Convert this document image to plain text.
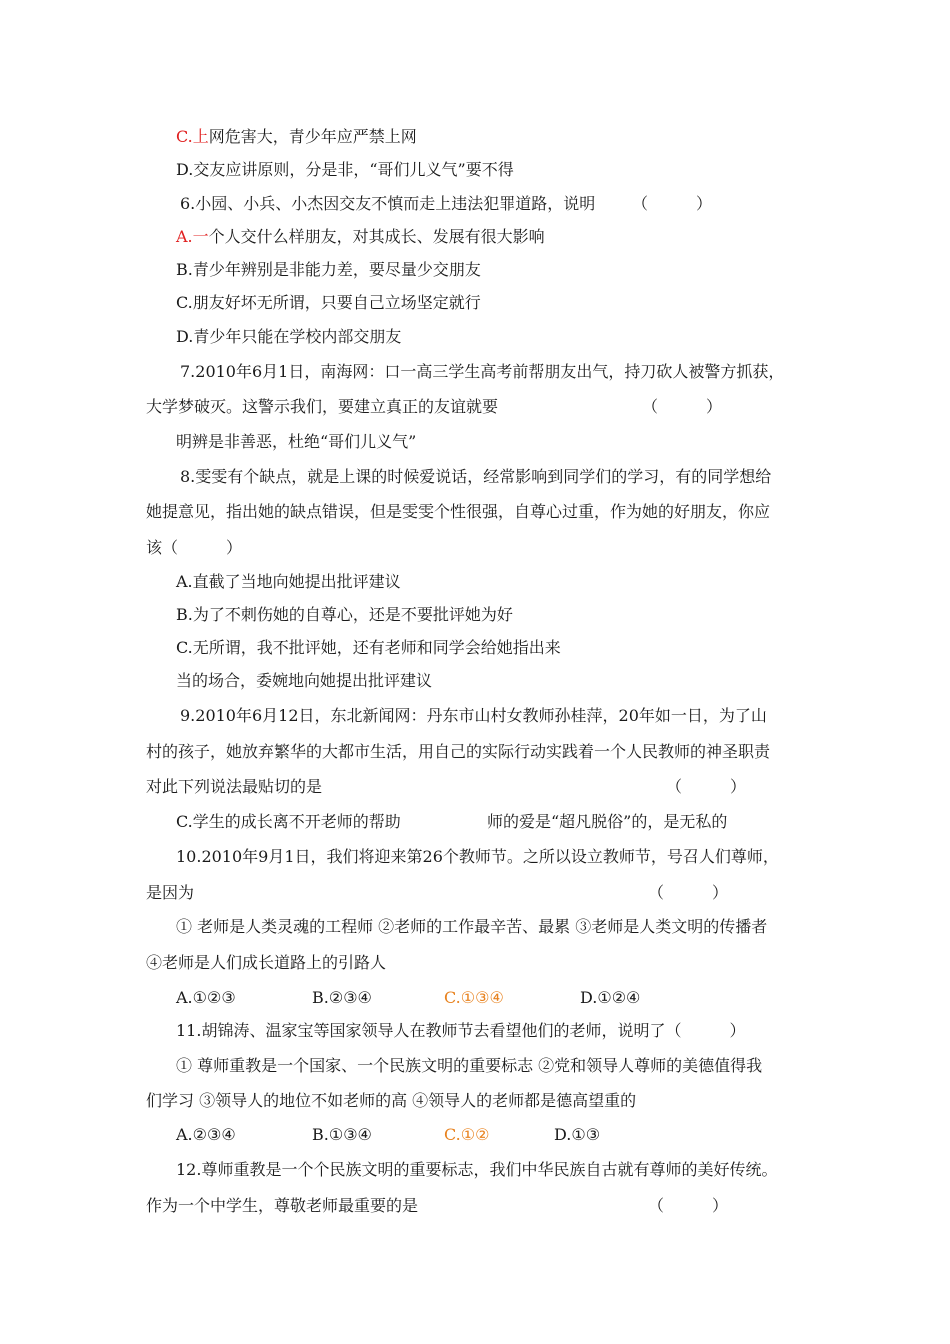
C.上网危害大，青少年应严禁上网
D.交友应讲原则，分是非，“哥们儿义气”要不得
6.小园、小兵、小杰因交友不慎而走上违法犯罪道路，说明 （　　　）
A.一个人交什么样朋友，对其成长、发展有很大影响
B.青少年辨别是非能力差，要尽量少交朋友
C.朋友好坏无所谓，只要自己立场坚定就行
D.青少年只能在学校内部交朋友
7.2010年6月1日，南海网：口一高三学生高考前帮朋友出气，持刀砍人被警方抓获，
大学梦破灭。这警示我们，要建立真正的友谊就要	（　　　）
明辨是非善恶，杜绝“哥们儿义气”
8.雯雯有个缺点，就是上课的时候爱说话，经常影响到同学们的学习，有的同学想给
她提意见，指出她的缺点错误，但是雯雯个性很强，自尊心过重，作为她的好朋友，你应
该（　　　）
A.直截了当地向她提出批评建议
B.为了不刺伤她的自尊心，还是不要批评她为好
C.无所谓，我不批评她，还有老师和同学会给她指出来
当的场合，委婉地向她提出批评建议
9.2010年6月12日，东北新闻网：丹东市山村女教师孙桂萍，20年如一日，为了山
村的孩子，她放弃繁华的大都市生活，用自己的实际行动实践着一个人民教师的神圣职责
对此下列说法最贴切的是	（　　　）
C.学生的成长离不开老师的帮助	师的爱是“超凡脱俗”的，是无私的
10.2010年9月1日，我们将迎来第26个教师节。之所以设立教师节，号召人们尊师，
是因为	（　　　）
① 老师是人类灵魂的工程师 ②老师的工作最辛苦、最累 ③老师是人类文明的传播者
④老师是人们成长道路上的引路人
A.①②③	B.②③④	C.①③④	D.①②④
11.胡锦涛、温家宝等国家领导人在教师节去看望他们的老师，说明了（　　　）
① 尊师重教是一个国家、一个民族文明的重要标志 ②党和领导人尊师的美德值得我
们学习 ③领导人的地位不如老师的高 ④领导人的老师都是德高望重的
A.②③④	B.①③④	C.①②	D.①③
12.尊师重教是一个个民族文明的重要标志，我们中华民族自古就有尊师的美好传统。
作为一个中学生，尊敬老师最重要的是	（　　　）
